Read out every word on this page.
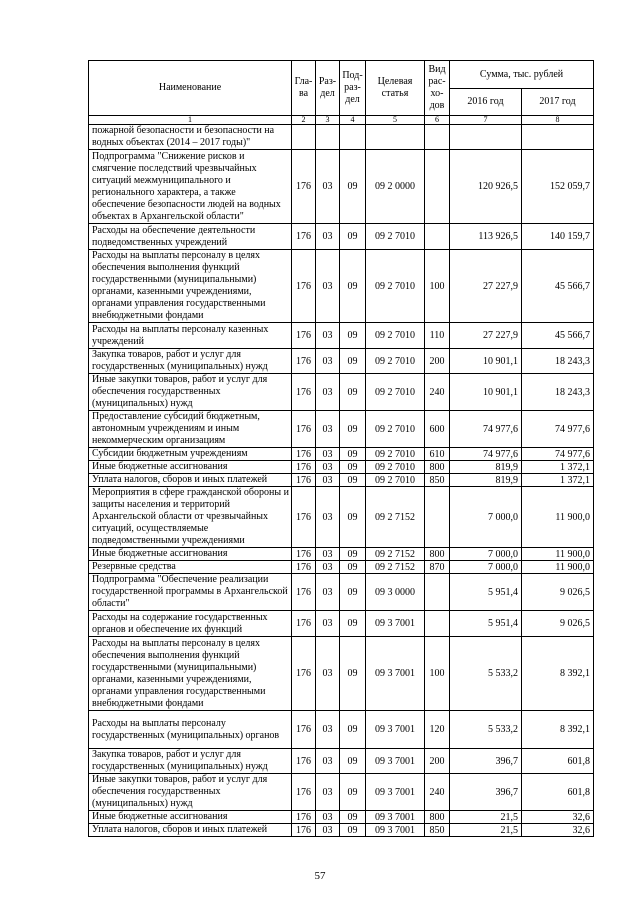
Наименование	Гла-ва	Раз-дел	Под-раз-дел	Целевая статья	Вид рас-хо-дов	Сумма, тыс. рублей	
						2016 год	2017 год
1	2	3	4	5	6	7	8
пожарной безопасности и безопасности на водных объектах (2014 – 2017 годы)"							
Подпрограмма "Снижение рисков и смягчение последствий чрезвычайных ситуаций межмуниципального и регионального характера, а также обеспечение безопасности людей на водных объектах в Архангельской области"	176	03	09	09 2 0000		120 926,5	152 059,7
Расходы на обеспечение деятельности подведомственных учреждений	176	03	09	09 2 7010		113 926,5	140 159,7
Расходы на выплаты персоналу в целях обеспечения выполнения функций государственными (муниципальными) органами, казенными учреждениями, органами управления государственными внебюджетными фондами	176	03	09	09 2 7010	100	27 227,9	45 566,7
Расходы на выплаты персоналу казенных учреждений	176	03	09	09 2 7010	110	27 227,9	45 566,7
Закупка товаров, работ и услуг для государственных (муниципальных) нужд	176	03	09	09 2 7010	200	10 901,1	18 243,3
Иные закупки товаров, работ и услуг для обеспечения государственных (муниципальных) нужд	176	03	09	09 2 7010	240	10 901,1	18 243,3
Предоставление субсидий бюджетным, автономным учреждениям и иным некоммерческим организациям	176	03	09	09 2 7010	600	74 977,6	74 977,6
Субсидии бюджетным учреждениям	176	03	09	09 2 7010	610	74 977,6	74 977,6
Иные бюджетные ассигнования	176	03	09	09 2 7010	800	819,9	1 372,1
Уплата налогов, сборов и иных платежей	176	03	09	09 2 7010	850	819,9	1 372,1
Мероприятия в сфере гражданской обороны и защиты населения и территорий Архангельской области от чрезвычайных ситуаций, осуществляемые подведомственными учреждениями	176	03	09	09 2 7152		7 000,0	11 900,0
Иные бюджетные ассигнования	176	03	09	09 2 7152	800	7 000,0	11 900,0
Резервные средства	176	03	09	09 2 7152	870	7 000,0	11 900,0
Подпрограмма "Обеспечение реализации государственной программы в Архангельской области"	176	03	09	09 3 0000		5 951,4	9 026,5
Расходы на содержание государственных органов и обеспечение их функций	176	03	09	09 3 7001		5 951,4	9 026,5
Расходы на выплаты персоналу в целях обеспечения выполнения функций государственными (муниципальными) органами, казенными учреждениями, органами управления государственными внебюджетными фондами	176	03	09	09 3 7001	100	5 533,2	8 392,1
Расходы на выплаты персоналу государственных (муниципальных) органов	176	03	09	09 3 7001	120	5 533,2	8 392,1
Закупка товаров, работ и услуг для государственных (муниципальных) нужд	176	03	09	09 3 7001	200	396,7	601,8
Иные закупки товаров, работ и услуг для обеспечения государственных (муниципальных) нужд	176	03	09	09 3 7001	240	396,7	601,8
Иные бюджетные ассигнования	176	03	09	09 3 7001	800	21,5	32,6
Уплата налогов, сборов и иных платежей	176	03	09	09 3 7001	850	21,5	32,6
57
